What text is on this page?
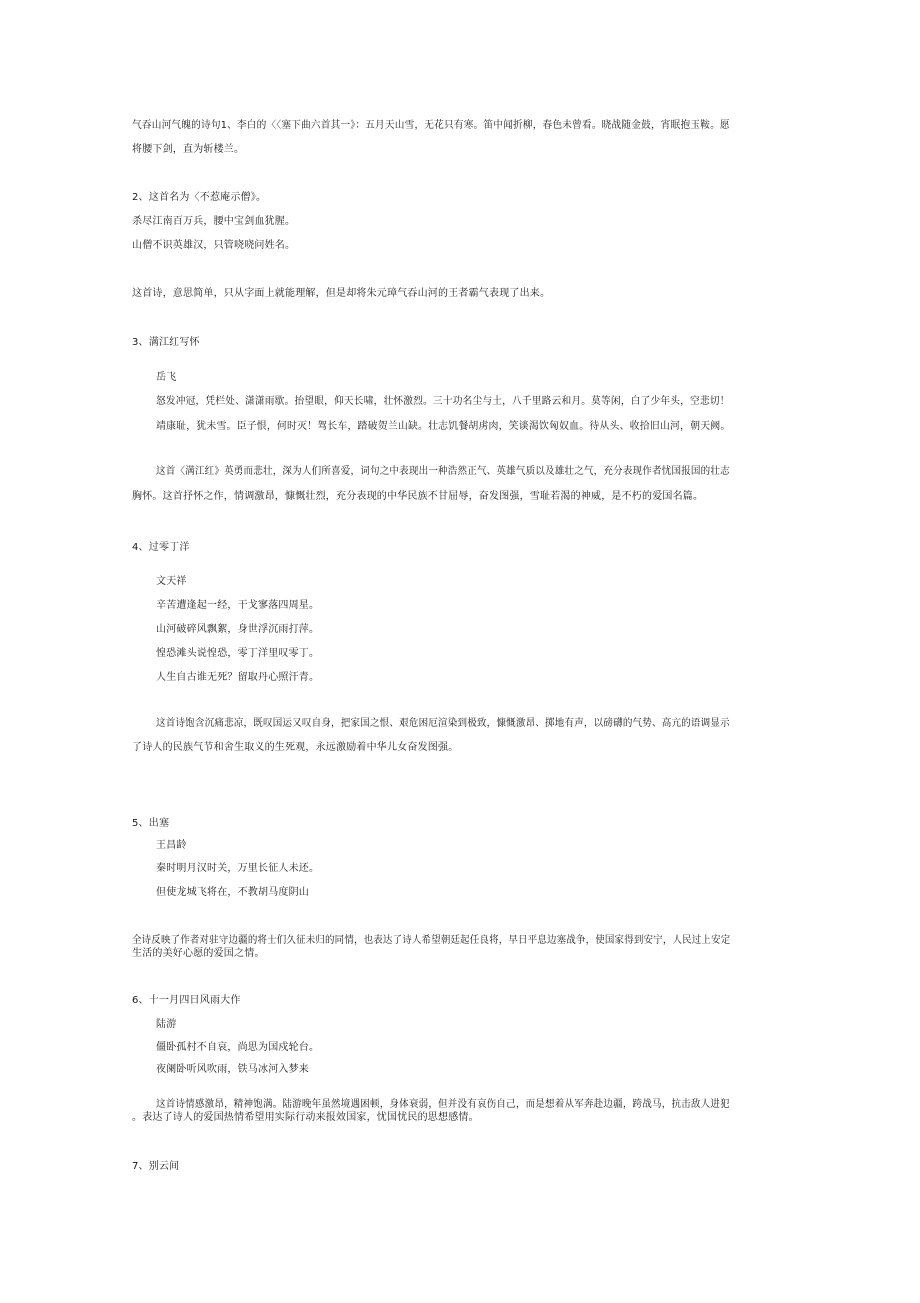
气吞山河气魄的诗句1、李白的〈〈塞下曲六首其一》：五月天山雪，无花只有寒。笛中闻折柳，春色未曾看。晓战随金鼓，宵眠抱玉鞍。愿
将腰下剑，直为斩楼兰。
2、这首名为〈不惹庵示僧》。
杀尽江南百万兵，腰中宝剑血犹腥。
山僧不识英雄汉，只管哓哓问姓名。
这首诗，意思简单，只从字面上就能理解，但是却将朱元璋气吞山河的王者霸气表现了出来。
3、满江红写怀
岳飞
怒发冲冠，凭栏处、潇潇雨歇。抬望眼，仰天长啸，壮怀激烈。三十功名尘与土，八千里路云和月。莫等闲，白了少年头，空悲切！
靖康耻，犹未雪。臣子恨，何时灭！驾长车，踏破贺兰山缺。壮志饥餐胡虏肉，笑谈渴饮匈奴血。待从头、收拾旧山河，朝天阙。
这首〈满江红》英勇而悲壮，深为人们所喜爱，词句之中表现出一种浩然正气、英雄气质以及雄壮之气，充分表现作者忧国报国的壮志
胸怀。这首抒怀之作，情调激昂，慷慨壮烈，充分表现的中华民族不甘屈辱，奋发图强，雪耻若渴的神威，是不朽的爱国名篇。
4、过零丁洋
文天祥
辛苦遭逢起一经，干戈寥落四周星。
山河破碎风飘絮，身世浮沉雨打萍。
惶恐滩头说惶恐，零丁洋里叹零丁。
人生自古谁无死？留取丹心照汗青。
这首诗饱含沉痛悲凉，既叹国运又叹自身，把家国之恨、艰危困厄渲染到极致，慷慨激昂、掷地有声，以磅礴的气势、高亢的语调显示
了诗人的民族气节和舍生取义的生死观，永远激励着中华儿女奋发图强。
5、出塞
王昌龄
秦时明月汉时关，万里长征人未还。
但使龙城飞将在，不教胡马度阴山
全诗反映了作者对驻守边疆的将士们久征未归的同情，也表达了诗人希望朝廷起任良将，早日平息边塞战争，使国家得到安宁，人民过上安定
生活的美好心愿的爱国之情。
6、十一月四日风雨大作
陆游
僵卧孤村不自哀，尚思为国戍轮台。
夜阑卧听风吹雨，铁马冰河入梦来
这首诗情感激昂，精神饱满。陆游晚年虽然境遇困顿，身体衰弱，但并没有哀伤自己，而是想着从军奔赴边疆，跨战马，抗击敌人进犯
。表达了诗人的爱国热情希望用实际行动来报效国家，忧国忧民的思想感情。
7、别云间
